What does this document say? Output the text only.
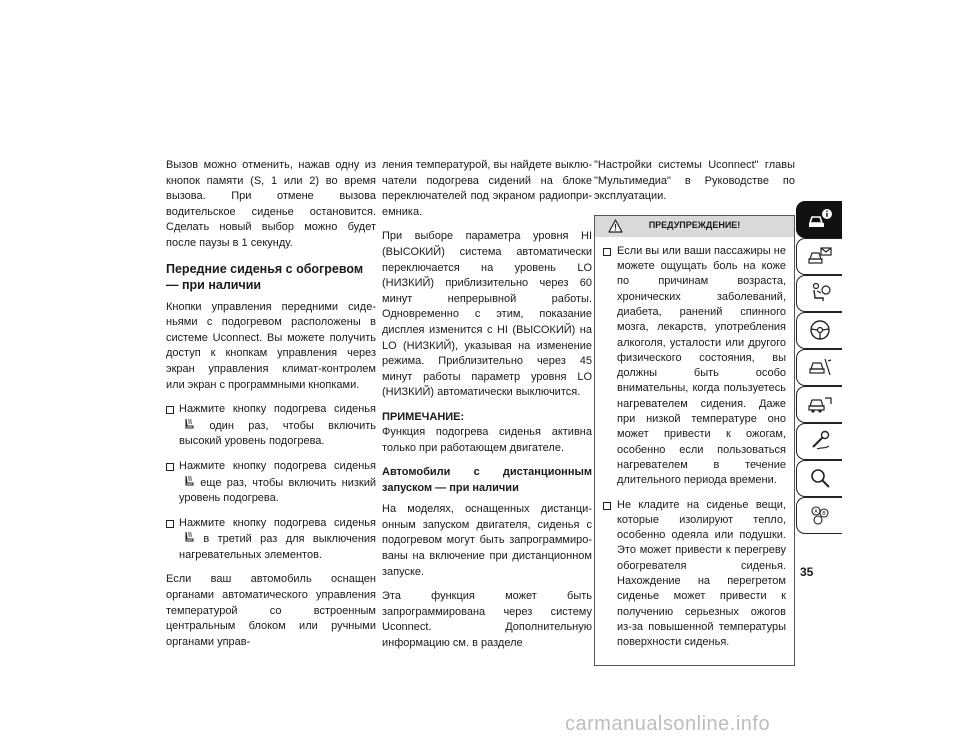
Вызов можно отменить, нажав одну из кнопок памяти (S, 1 или 2) во время вызова. При отмене вызова водительское сиденье остановится. Сделать новый выбор можно будет после паузы в 1 секунду.

Передние сиденья с обогревом — при наличии

Кнопки управления передними сиденьями с подогревом расположены в системе Uconnect. Вы можете получить доступ к кнопкам управления через экран управления климат-контролем или экран с программными кнопками.

Нажмите кнопку подогрева сиденья один раз, чтобы включить высокий уровень подогрева.
Нажмите кнопку подогрева сиденья еще раз, чтобы включить низкий уровень подогрева.
Нажмите кнопку подогрева сиденья в третий раз для выключения нагревательных элементов.

Если ваш автомобиль оснащен органами автоматического управления температурой со встроенным центральным блоком или ручными органами управ-

ления температурой, вы найдете выключатели подогрева сидений на блоке переключателей под экраном радиоприемника.

При выборе параметра уровня HI (ВЫСОКИЙ) система автоматически переключается на уровень LO (НИЗКИЙ) приблизительно через 60 минут непрерывной работы. Одновременно с этим, показание дисплея изменится с HI (ВЫСОКИЙ) на LO (НИЗКИЙ), указывая на изменение режима. Приблизительно через 45 минут работы параметр уровня LO (НИЗКИЙ) автоматически выключится.

ПРИМЕЧАНИЕ:

Функция подогрева сиденья активна только при работающем двигателе.

Автомобили с дистанционным запуском — при наличии

На моделях, оснащенных дистанционным запуском двигателя, сиденья с подогревом могут быть запрограммированы на включение при дистанционном запуске.

Эта функция может быть запрограммирована через систему Uconnect. Дополнительную информацию см. в разделе

"Настройки системы Uconnect" главы "Мультимедиа" в Руководстве по эксплуатации.

ПРЕДУПРЕЖДЕНИЕ!
Если вы или ваши пассажиры не можете ощущать боль на коже по причинам возраста, хронических заболеваний, диабета, ранений спинного мозга, лекарств, употребления алкоголя, усталости или другого физического состояния, вы должны быть особо внимательны, когда пользуетесь нагревателем сидения. Даже при низкой температуре оно может привести к ожогам, особенно если пользоваться нагревателем в течение длительного периода времени.
Не кладите на сиденье вещи, которые изолируют тепло, особенно одеяла или подушки. Это может привести к перегреву обогревателя сиденья. Нахождение на перегретом сиденье может привести к получению серьезных ожогов из-за повышенной температуры поверхности сиденья.
A B
35
carmanualsonline.info
